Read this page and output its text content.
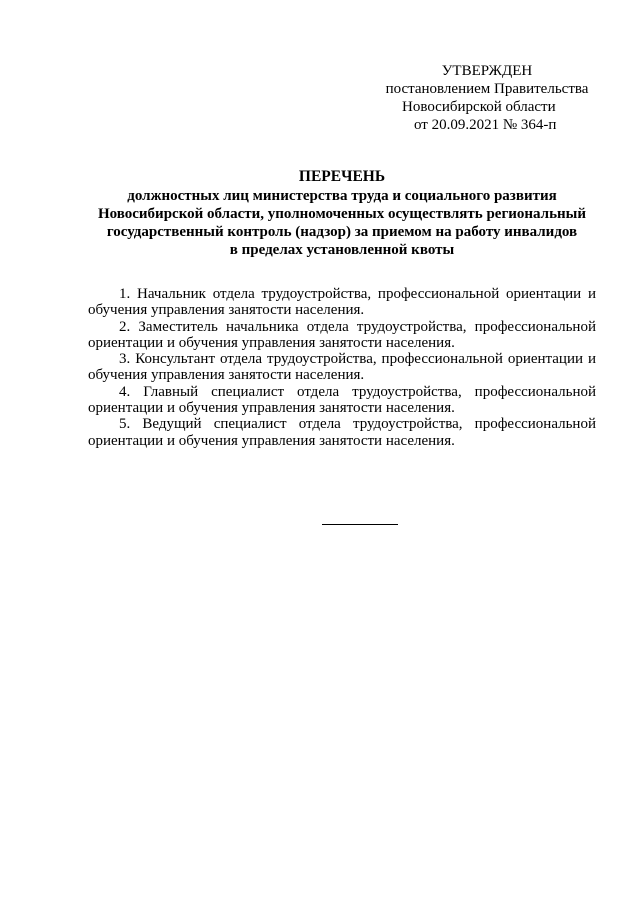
УТВЕРЖДЕН
постановлением Правительства
Новосибирской области
от 20.09.2021 № 364-п
ПЕРЕЧЕНЬ
должностных лиц министерства труда и социального развития
Новосибирской области, уполномоченных осуществлять региональный
государственный контроль (надзор) за приемом на работу инвалидов
в пределах установленной квоты

1. Начальник отдела трудоустройства, профессиональной ориентации и обучения управления занятости населения.

2. Заместитель начальника отдела трудоустройства, профессиональной ориентации и обучения управления занятости населения.

3. Консультант отдела трудоустройства, профессиональной ориентации и обучения управления занятости населения.

4. Главный специалист отдела трудоустройства, профессиональной ориентации и обучения управления занятости населения.

5. Ведущий специалист отдела трудоустройства, профессиональной ориентации и обучения управления занятости населения.
